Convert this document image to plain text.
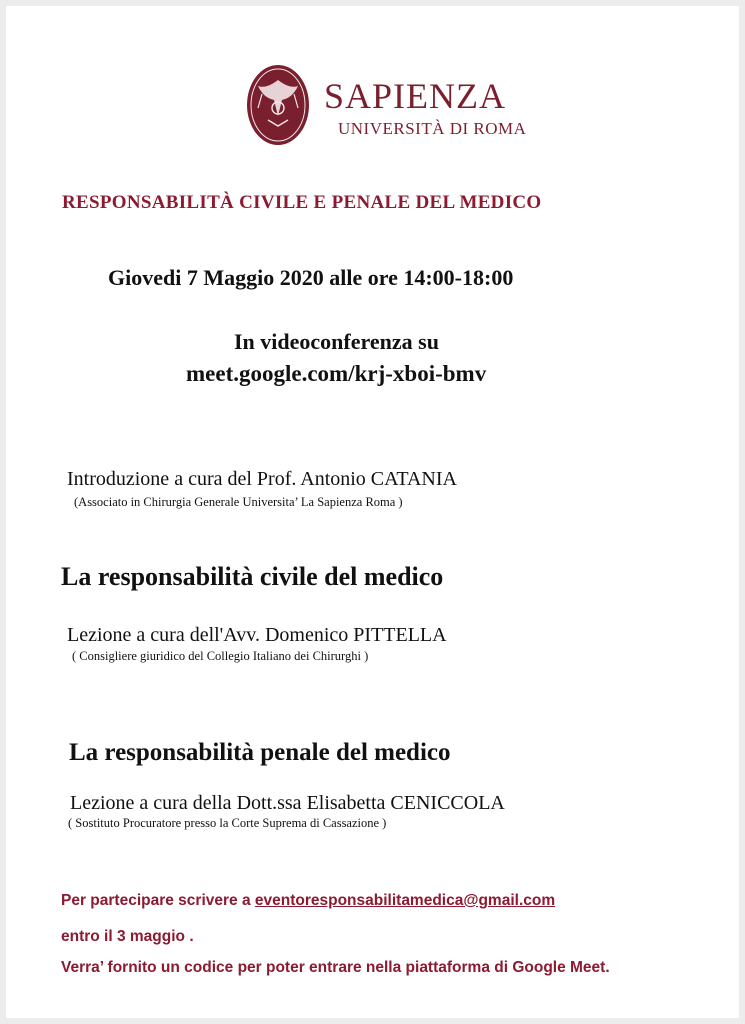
SAPIENZA
UNIVERSITÀ DI ROMA
RESPONSABILITÀ CIVILE E PENALE DEL MEDICO
Giovedi 7 Maggio 2020 alle ore 14:00-18:00
In videoconferenza su
meet.google.com/krj-xboi-bmv
Introduzione a cura del Prof. Antonio CATANIA
(Associato in Chirurgia Generale Universita’ La Sapienza Roma )
La responsabilità civile del medico
Lezione a cura dell'Avv. Domenico PITTELLA
( Consigliere giuridico del Collegio Italiano dei Chirurghi )
La responsabilità penale del medico
Lezione a cura della Dott.ssa Elisabetta CENICCOLA
( Sostituto Procuratore presso la Corte Suprema di Cassazione )
Per partecipare scrivere a eventoresponsabilitamedica@gmail.com
entro il 3 maggio .
Verra’ fornito un codice per poter entrare nella piattaforma di Google Meet.
